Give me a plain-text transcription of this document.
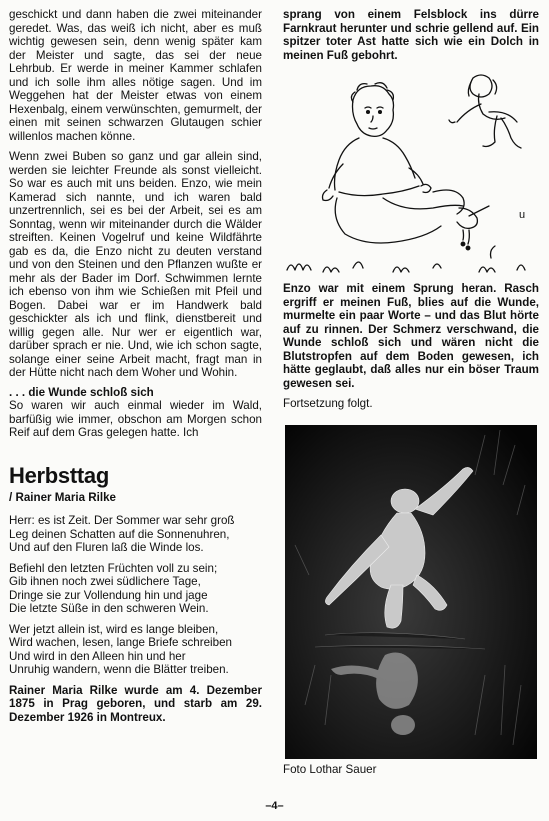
geschickt und dann haben die zwei miteinander geredet. Was, das weiß ich nicht, aber es muß wichtig gewesen sein, denn wenig später kam der Meister und sagte, das sei der neue Lehrbub. Er werde in meiner Kammer schlafen und ich solle ihm alles nötige sagen. Und im Weggehen hat der Meister etwas von einem Hexenbalg, einem verwünschten, gemurmelt, der einen mit seinen schwarzen Glutaugen schier willenlos machen könne.

Wenn zwei Buben so ganz und gar allein sind, werden sie leichter Freunde als sonst vielleicht. So war es auch mit uns beiden. Enzo, wie mein Kamerad sich nannte, und ich waren bald unzertrennlich, sei es bei der Arbeit, sei es am Sonntag, wenn wir miteinander durch die Wälder streiften. Keinen Vogelruf und keine Wildfährte gab es da, die Enzo nicht zu deuten verstand und von den Steinen und den Pflanzen wußte er mehr als der Bader im Dorf. Schwimmen lernte ich ebenso von ihm wie Schießen mit Pfeil und Bogen. Dabei war er im Handwerk bald geschickter als ich und flink, dienstbereit und willig gegen alle. Nur wer er eigentlich war, darüber sprach er nie. Und, wie ich schon sagte, solange einer seine Arbeit macht, fragt man in der Hütte nicht nach dem Woher und Wohin.

. . . die Wunde schloß sich

So waren wir auch einmal wieder im Wald, barfüßig wie immer, obschon am Morgen schon Reif auf dem Gras gelegen hatte. Ich

Herbsttag
/ Rainer Maria Rilke

Herr: es ist Zeit. Der Sommer war sehr groß
Leg deinen Schatten auf die Sonnenuhren,
Und auf den Fluren laß die Winde los.

Befiehl den letzten Früchten voll zu sein;
Gib ihnen noch zwei südlichere Tage,
Dringe sie zur Vollendung hin und jage
Die letzte Süße in den schweren Wein.

Wer jetzt allein ist, wird es lange bleiben,
Wird wachen, lesen, lange Briefe schreiben
Und wird in den Alleen hin und her
Unruhig wandern, wenn die Blätter treiben.

Rainer Maria Rilke wurde am 4. Dezember 1875 in Prag geboren, und starb am 29. Dezember 1926 in Montreux.

sprang von einem Felsblock ins dürre Farnkraut herunter und schrie gellend auf. Ein spitzer toter Ast hatte sich wie ein Dolch in meinen Fuß gebohrt.

u

Enzo war mit einem Sprung heran. Rasch ergriff er meinen Fuß, blies auf die Wunde, murmelte ein paar Worte – und das Blut hörte auf zu rinnen. Der Schmerz verschwand, die Wunde schloß sich und wären nicht die Blutstropfen auf dem Boden gewesen, ich hätte geglaubt, daß alles nur ein böser Traum gewesen sei.

Fortsetzung folgt.

Foto Lothar Sauer
–4–
